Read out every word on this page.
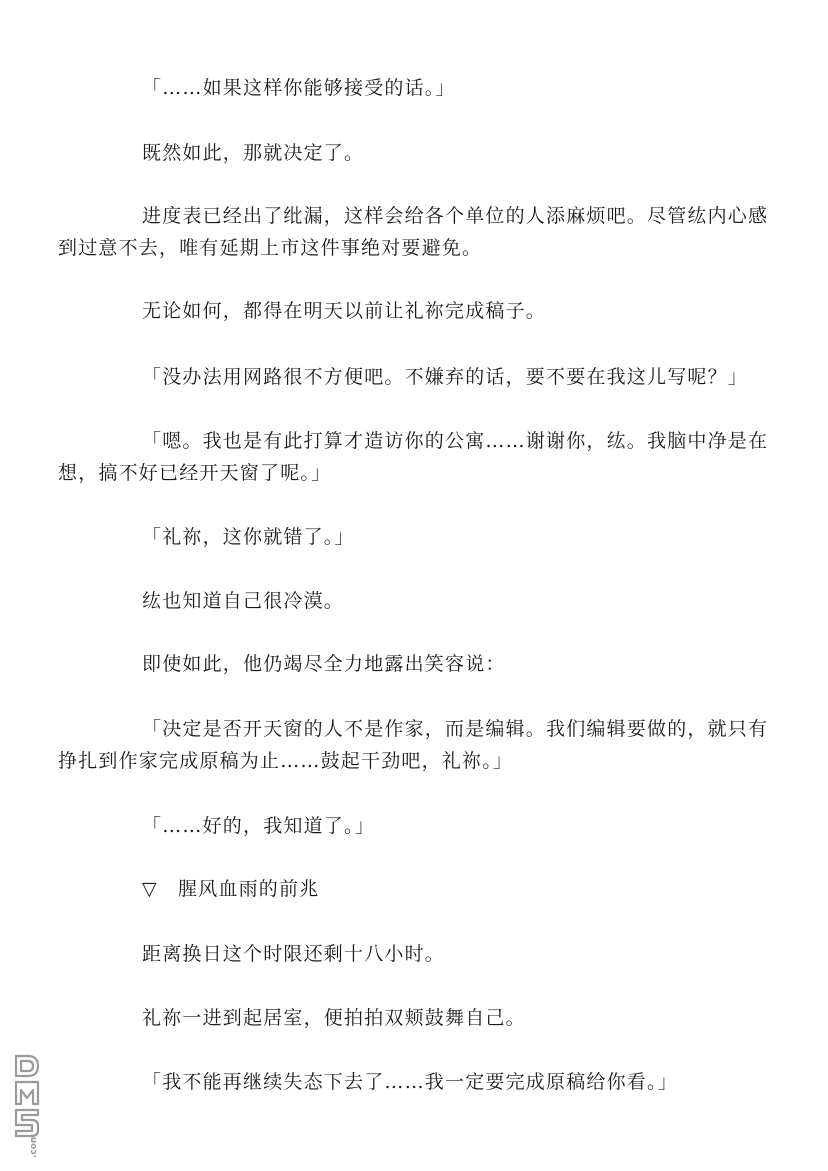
「……如果这样你能够接受的话。」

既然如此，那就决定了。

进度表已经出了纰漏，这样会给各个单位的人添麻烦吧。尽管纮内心感到过意不去，唯有延期上市这件事绝对要避免。

无论如何，都得在明天以前让礼祢完成稿子。

「没办法用网路很不方便吧。不嫌弃的话，要不要在我这儿写呢？」

「嗯。我也是有此打算才造访你的公寓……谢谢你，纮。我脑中净是在想，搞不好已经开天窗了呢。」

「礼祢，这你就错了。」

纮也知道自己很冷漠。

即使如此，他仍竭尽全力地露出笑容说：

「决定是否开天窗的人不是作家，而是编辑。我们编辑要做的，就只有挣扎到作家完成原稿为止……鼓起干劲吧，礼祢。」

「……好的，我知道了。」

▽　腥风血雨的前兆

距离换日这个时限还剩十八小时。

礼祢一进到起居室，便拍拍双颊鼓舞自己。

「我不能再继续失态下去了……我一定要完成原稿给你看。」

.com
